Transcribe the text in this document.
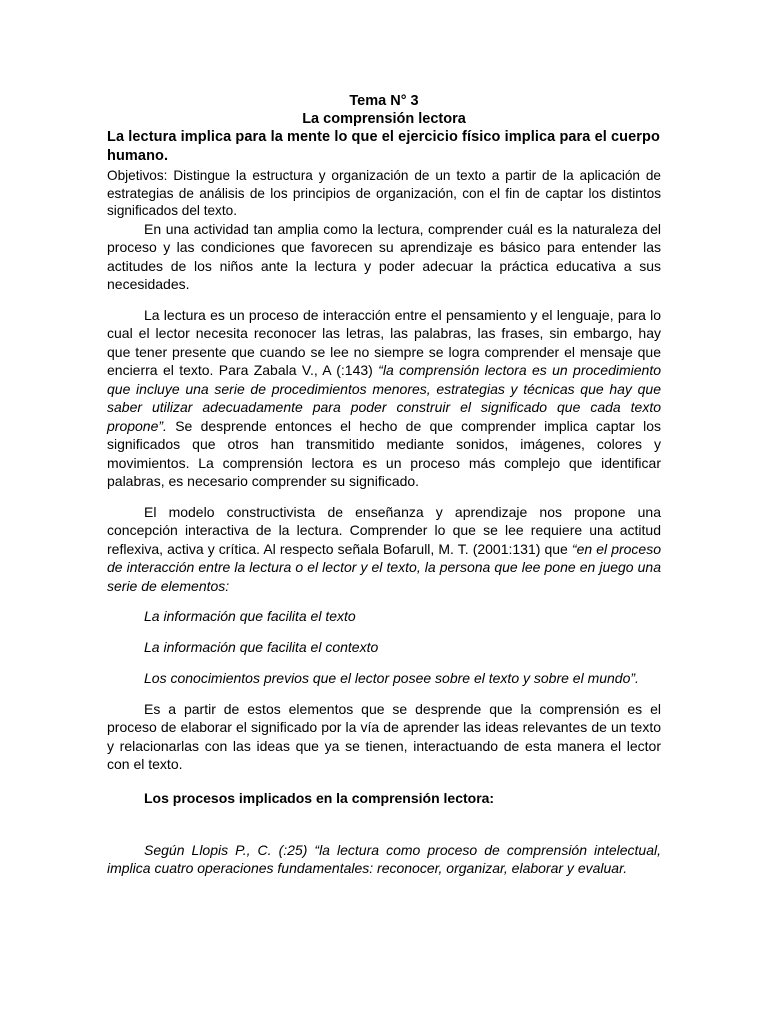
Tema N° 3
La comprensión lectora

La lectura implica para la mente lo que el ejercicio físico implica para el cuerpo humano.

Objetivos: Distingue la estructura y organización de un texto a partir de la aplicación de estrategias de análisis de los principios de organización, con el fin de captar los distintos significados del texto.

En una actividad tan amplia como la lectura, comprender cuál es la naturaleza del proceso y las condiciones que favorecen su aprendizaje es básico para entender las actitudes de los niños ante la lectura y poder adecuar la práctica educativa a sus necesidades.

La lectura es un proceso de interacción entre el pensamiento y el lenguaje, para lo cual el lector necesita reconocer las letras, las palabras, las frases, sin embargo, hay que tener presente que cuando se lee no siempre se logra comprender el mensaje que encierra el texto. Para Zabala V., A (:143) “la comprensión lectora es un procedimiento que incluye una serie de procedimientos menores, estrategias y técnicas que hay que saber utilizar adecuadamente para poder construir el significado que cada texto propone”. Se desprende entonces el hecho de que comprender implica captar los significados que otros han transmitido mediante sonidos, imágenes, colores y movimientos. La comprensión lectora es un proceso más complejo que identificar palabras, es necesario comprender su significado.

El modelo constructivista de enseñanza y aprendizaje nos propone una concepción interactiva de la lectura. Comprender lo que se lee requiere una actitud reflexiva, activa y crítica. Al respecto señala Bofarull, M. T. (2001:131) que “en el proceso de interacción entre la lectura o el lector y el texto, la persona que lee pone en juego una serie de elementos:

La información que facilita el texto

La información que facilita el contexto

Los conocimientos previos que el lector posee sobre el texto y sobre el mundo”.

Es a partir de estos elementos que se desprende que la comprensión es el proceso de elaborar el significado por la vía de aprender las ideas relevantes de un texto y relacionarlas con las ideas que ya se tienen, interactuando de esta manera el lector con el texto.

Los procesos implicados en la comprensión lectora:

Según Llopis P., C. (:25) “la lectura como proceso de comprensión intelectual, implica cuatro operaciones fundamentales: reconocer, organizar, elaborar y evaluar.
